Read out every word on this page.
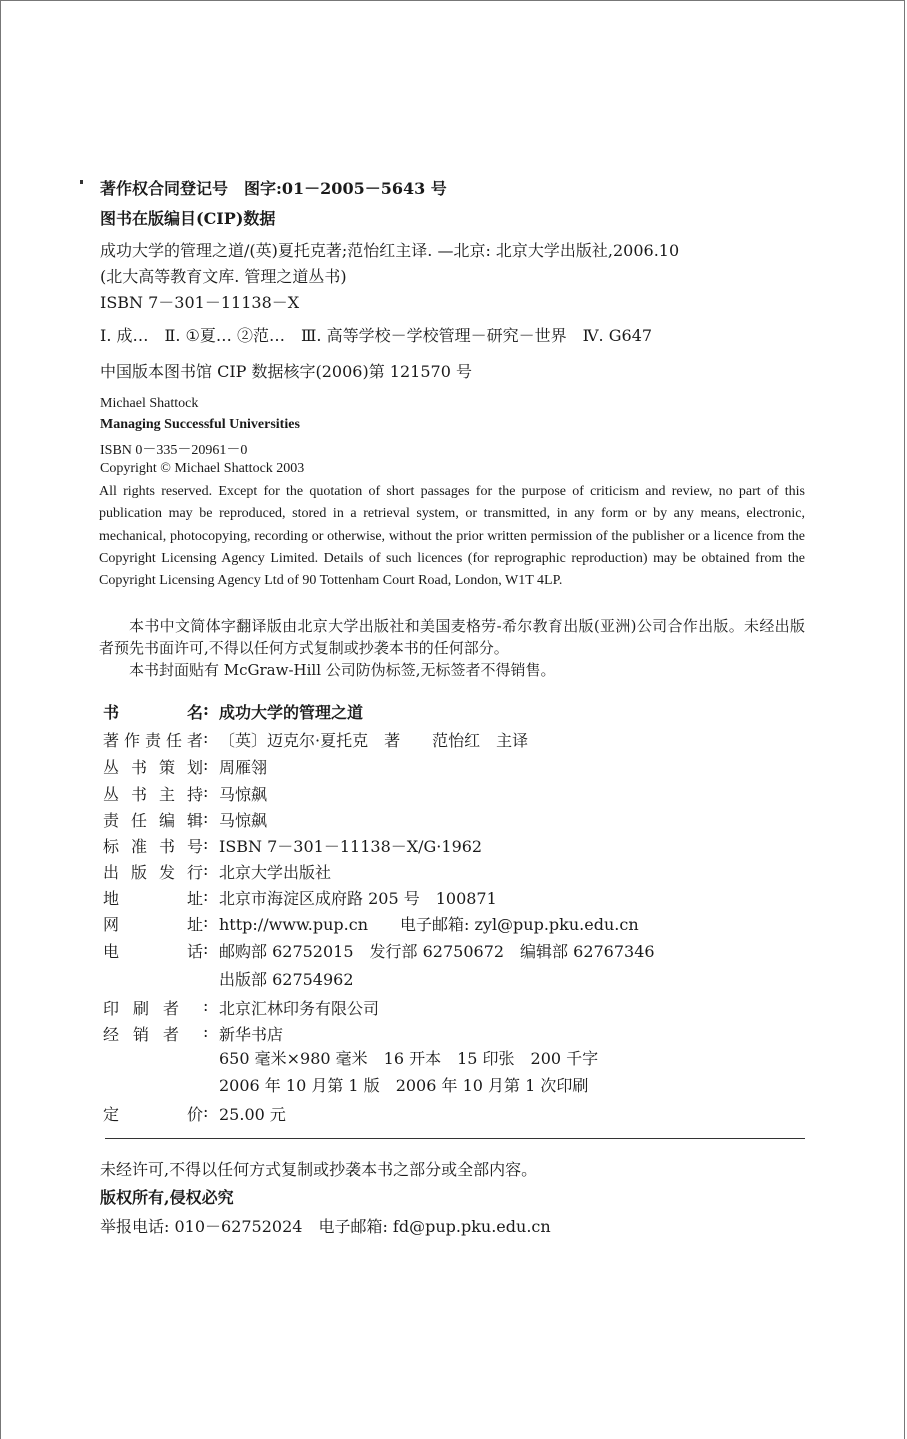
著作权合同登记号　图字:01－2005－5643 号
图书在版编目(CIP)数据
成功大学的管理之道/(英)夏托克著;范怡红主译. —北京: 北京大学出版社,2006.10
(北大高等教育文库. 管理之道丛书)
ISBN 7－301－11138－X
Ⅰ. 成…　Ⅱ. ①夏… ②范…　Ⅲ. 高等学校－学校管理－研究－世界　Ⅳ. G647
中国版本图书馆 CIP 数据核字(2006)第 121570 号
Michael Shattock
Managing Successful Universities
ISBN 0－335－20961－0
Copyright © Michael Shattock 2003
All rights reserved. Except for the quotation of short passages for the purpose of criticism and review, no part of this publication may be reproduced, stored in a retrieval system, or transmitted, in any form or by any means, electronic, mechanical, photocopying, recording or otherwise, without the prior written permission of the publisher or a licence from the Copyright Licensing Agency Limited. Details of such licences (for reprographic reproduction) may be obtained from the Copyright Licensing Agency Ltd of 90 Tottenham Court Road, London, W1T 4LP.

本书中文简体字翻译版由北京大学出版社和美国麦格劳-希尔教育出版(亚洲)公司合作出版。未经出版者预先书面许可,不得以任何方式复制或抄袭本书的任何部分。

本书封面贴有 McGraw-Hill 公司防伪标签,无标签者不得销售。

书名 : 成功大学的管理之道
著作责任者 : 〔英〕迈克尔·夏托克　著　　范怡红　主译
丛书策划 : 周雁翎
丛书主持 : 马惊飙
责任编辑 : 马惊飙
标准书号 : ISBN 7－301－11138－X/G·1962
出版发行 : 北京大学出版社
地址 : 北京市海淀区成府路 205 号　100871
网址 : http://www.pup.cn　　电子邮箱: zyl@pup.pku.edu.cn
电话 : 邮购部 62752015　发行部 62750672　编辑部 62767346
出版部 62754962
印刷者 : 北京汇林印务有限公司
经销者 : 新华书店
650 毫米×980 毫米　16 开本　15 印张　200 千字
2006 年 10 月第 1 版　2006 年 10 月第 1 次印刷
定价 : 25.00 元
未经许可,不得以任何方式复制或抄袭本书之部分或全部内容。
版权所有,侵权必究
举报电话: 010－62752024　电子邮箱: fd@pup.pku.edu.cn
